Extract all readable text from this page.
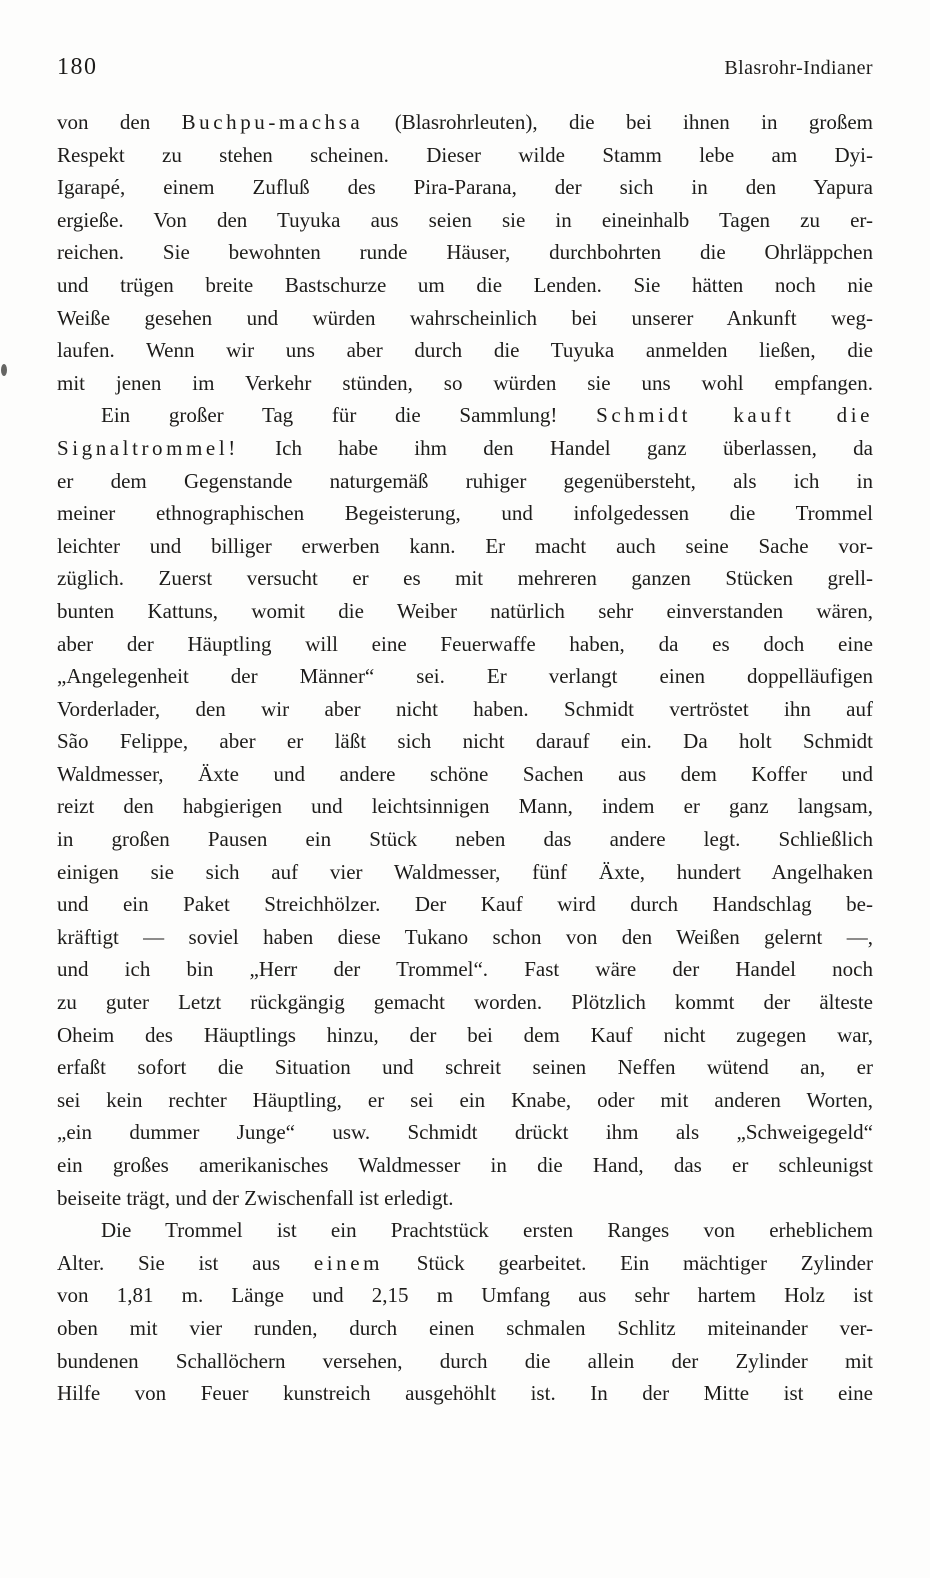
180	Blasrohr-Indianer
von den Buchpu-machsa (Blasrohrleuten), die bei ihnen in großem
Respekt zu stehen scheinen. Dieser wilde Stamm lebe am Dyi-
Igarapé, einem Zufluß des Pira-Parana, der sich in den Yapura
ergieße. Von den Tuyuka aus seien sie in eineinhalb Tagen zu er-
reichen. Sie bewohnten runde Häuser, durchbohrten die Ohrläppchen
und trügen breite Bastschurze um die Lenden. Sie hätten noch nie
Weiße gesehen und würden wahrscheinlich bei unserer Ankunft weg-
laufen. Wenn wir uns aber durch die Tuyuka anmelden ließen, die
mit jenen im Verkehr stünden, so würden sie uns wohl empfangen.
Ein großer Tag für die Sammlung! Schmidt kauft die
Signaltrommel! Ich habe ihm den Handel ganz überlassen, da
er dem Gegenstande naturgemäß ruhiger gegenübersteht, als ich in
meiner ethnographischen Begeisterung, und infolgedessen die Trommel
leichter und billiger erwerben kann. Er macht auch seine Sache vor-
züglich. Zuerst versucht er es mit mehreren ganzen Stücken grell-
bunten Kattuns, womit die Weiber natürlich sehr einverstanden wären,
aber der Häuptling will eine Feuerwaffe haben, da es doch eine
„Angelegenheit der Männer“ sei. Er verlangt einen doppelläufigen
Vorderlader, den wir aber nicht haben. Schmidt vertröstet ihn auf
São Felippe, aber er läßt sich nicht darauf ein. Da holt Schmidt
Waldmesser, Äxte und andere schöne Sachen aus dem Koffer und
reizt den habgierigen und leichtsinnigen Mann, indem er ganz langsam,
in großen Pausen ein Stück neben das andere legt. Schließlich
einigen sie sich auf vier Waldmesser, fünf Äxte, hundert Angelhaken
und ein Paket Streichhölzer. Der Kauf wird durch Handschlag be-
kräftigt — soviel haben diese Tukano schon von den Weißen gelernt —,
und ich bin „Herr der Trommel“. Fast wäre der Handel noch
zu guter Letzt rückgängig gemacht worden. Plötzlich kommt der älteste
Oheim des Häuptlings hinzu, der bei dem Kauf nicht zugegen war,
erfaßt sofort die Situation und schreit seinen Neffen wütend an, er
sei kein rechter Häuptling, er sei ein Knabe, oder mit anderen Worten,
„ein dummer Junge“ usw. Schmidt drückt ihm als „Schweigegeld“
ein großes amerikanisches Waldmesser in die Hand, das er schleunigst
beiseite trägt, und der Zwischenfall ist erledigt.
Die Trommel ist ein Prachtstück ersten Ranges von erheblichem
Alter. Sie ist aus einem Stück gearbeitet. Ein mächtiger Zylinder
von 1,81 m. Länge und 2,15 m Umfang aus sehr hartem Holz ist
oben mit vier runden, durch einen schmalen Schlitz miteinander ver-
bundenen Schallöchern versehen, durch die allein der Zylinder mit
Hilfe von Feuer kunstreich ausgehöhlt ist. In der Mitte ist eine
